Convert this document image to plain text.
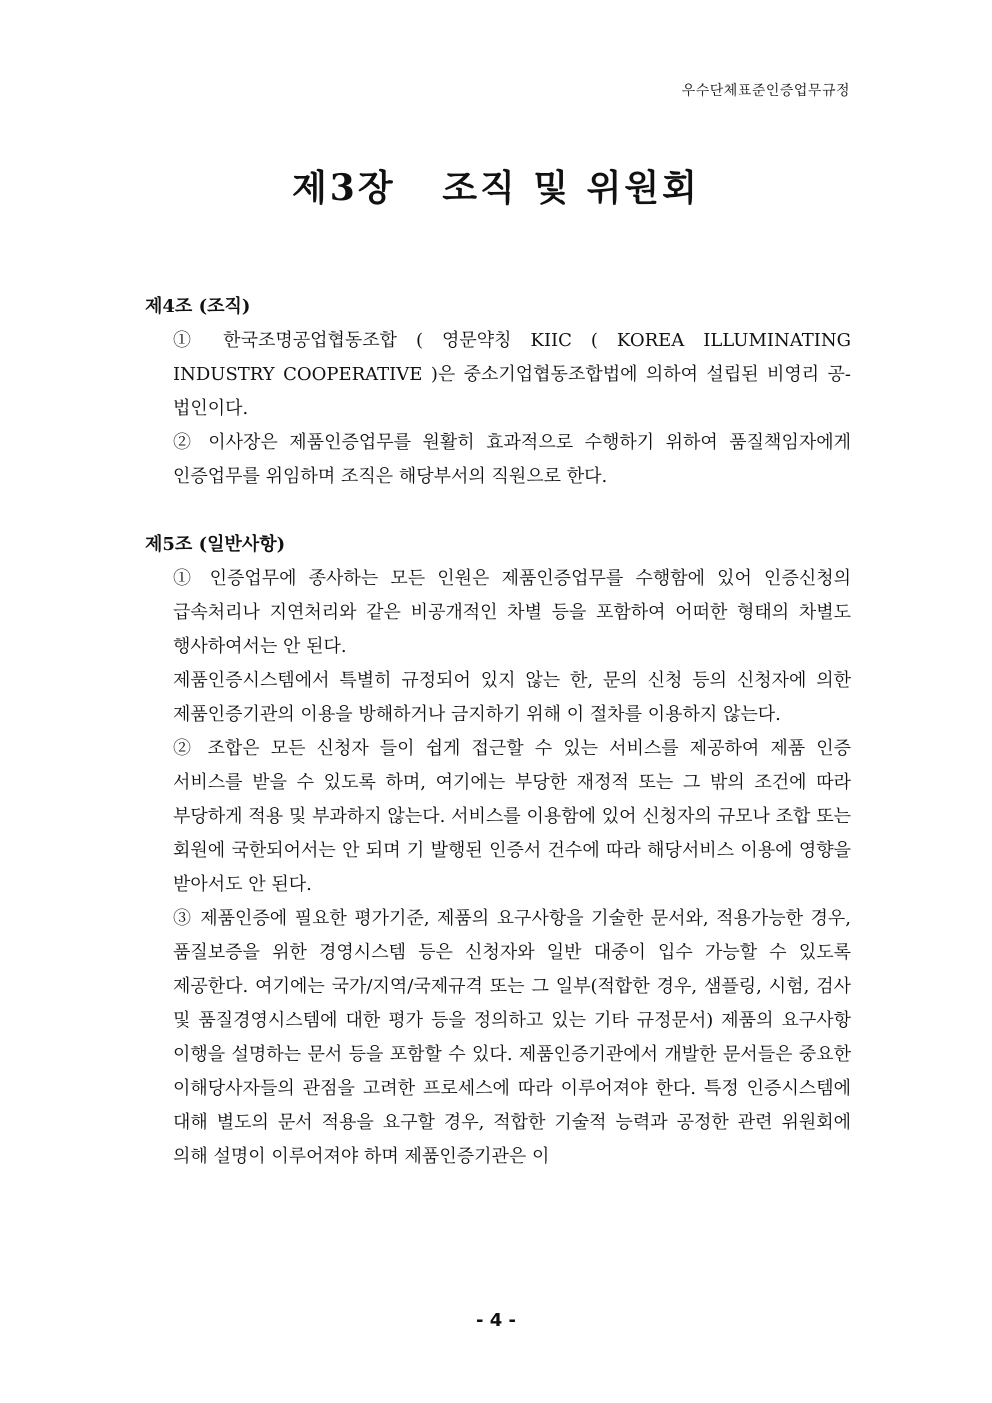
우수단체표준인증업무규정
제3장   조직 및 위원회
제4조 (조직)

① 한국조명공업협동조합 ( 영문약칭 KIIC ( KOREA ILLUMINATING INDUSTRY COOPERATIVE )은 중소기업협동조합법에 의하여 설립된 비영리 공-법인이다.

② 이사장은 제품인증업무를 원활히 효과적으로 수행하기 위하여 품질책임자에게 인증업무를 위임하며 조직은 해당부서의 직원으로 한다.

제5조 (일반사항)

① 인증업무에 종사하는 모든 인원은 제품인증업무를 수행함에 있어 인증신청의 급속처리나 지연처리와 같은 비공개적인 차별 등을 포함하여 어떠한 형태의 차별도 행사하여서는 안 된다.

제품인증시스템에서 특별히 규정되어 있지 않는 한, 문의 신청 등의 신청자에 의한 제품인증기관의 이용을 방해하거나 금지하기 위해 이 절차를 이용하지 않는다.

② 조합은 모든 신청자 들이 쉽게 접근할 수 있는 서비스를 제공하여 제품 인증 서비스를 받을 수 있도록 하며, 여기에는 부당한 재정적 또는 그 밖의 조건에 따라 부당하게 적용 및 부과하지 않는다. 서비스를 이용함에 있어 신청자의 규모나 조합 또는 회원에 국한되어서는 안 되며 기 발행된 인증서 건수에 따라 해당서비스 이용에 영향을 받아서도 안 된다.

③ 제품인증에 필요한 평가기준, 제품의 요구사항을 기술한 문서와, 적용가능한 경우, 품질보증을 위한 경영시스템 등은 신청자와 일반 대중이 입수 가능할 수 있도록 제공한다. 여기에는 국가/지역/국제규격 또는 그 일부(적합한 경우, 샘플링, 시험, 검사 및 품질경영시스템에 대한 평가 등을 정의하고 있는 기타 규정문서) 제품의 요구사항 이행을 설명하는 문서 등을 포함할 수 있다. 제품인증기관에서 개발한 문서들은 중요한 이해당사자들의 관점을 고려한 프로세스에 따라 이루어져야 한다. 특정 인증시스템에 대해 별도의 문서 적용을 요구할 경우, 적합한 기술적 능력과 공정한 관련 위원회에 의해 설명이 이루어져야 하며 제품인증기관은 이

- 4 -
